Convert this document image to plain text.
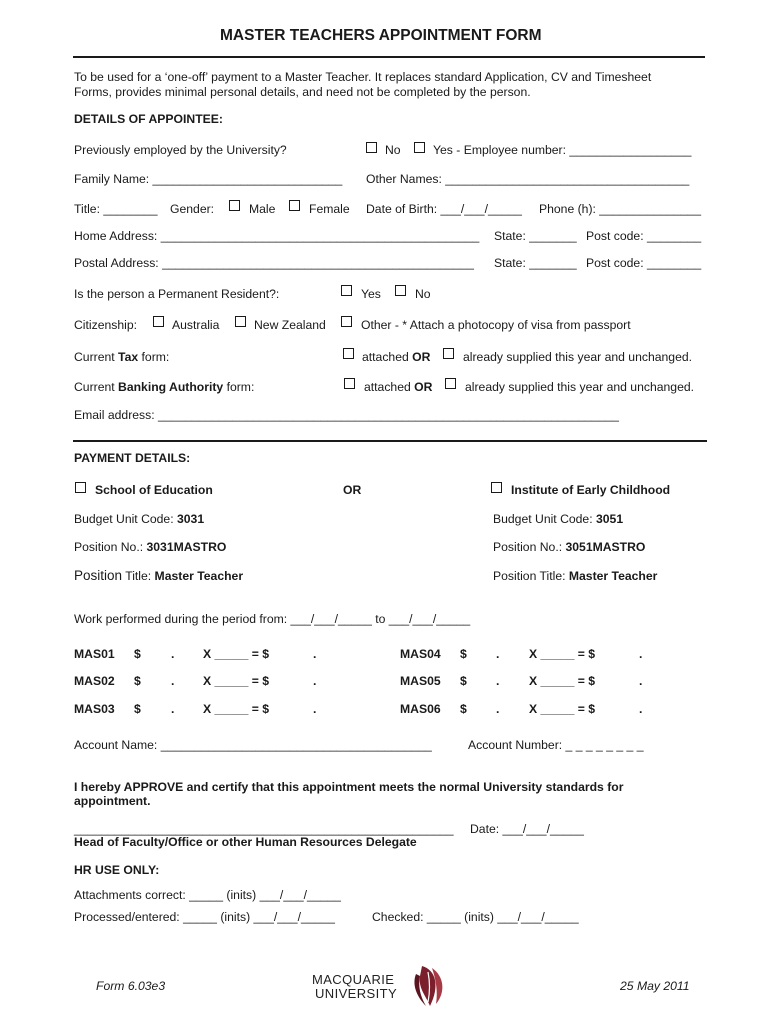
MASTER TEACHERS APPOINTMENT FORM
To be used for a ‘one-off’ payment to a Master Teacher. It replaces standard Application, CV and Timesheet
Forms, provides minimal personal details, and need not be completed by the person.
DETAILS OF APPOINTEE:
Previously employed by the University?	No	Yes - Employee number: __________________
Family Name: ____________________________ Other Names: ____________________________________
Title: ________ Gender:	Male	Female Date of Birth: ___/___/_____ Phone (h): _______________
Home Address: _______________________________________________ State: _______ Post code: ________
Postal Address: ______________________________________________ State: _______ Post code: ________
Is the person a Permanent Resident?:	Yes	No
Citizenship:	Australia	New Zealand	Other - * Attach a photocopy of visa from passport
Current Tax form:	attached OR	already supplied this year and unchanged.
Current Banking Authority form:	attached OR	already supplied this year and unchanged.
Email address: ____________________________________________________________________
PAYMENT DETAILS:
School of Education	OR	Institute of Early Childhood
Budget Unit Code: 3031	Budget Unit Code: 3051
Position No.: 3031MASTRO	Position No.: 3051MASTRO
Position Title: Master Teacher	Position Title: Master Teacher
Work performed during the period from: ___/___/_____ to ___/___/_____
MAS01 $ . X _____ = $	.
MAS02 $ . X _____ = $	.
MAS03 $ . X _____ = $	.
MAS04 $ . X _____ = $	.
MAS05 $ . X _____ = $	.
MAS06 $ . X _____ = $	.
Account Name: ________________________________________	Account Number: _ _ _ _ _ _ _ _
I hereby APPROVE and certify that this appointment meets the normal University standards for
appointment.
________________________________________________________ Date: ___/___/_____
Head of Faculty/Office or other Human Resources Delegate
HR USE ONLY:
Attachments correct: _____ (inits) ___/___/_____
Processed/entered: _____ (inits) ___/___/_____	Checked: _____ (inits) ___/___/_____
Form 6.03e3	MACQUARIE
UNIVERSITY	25 May 2011
